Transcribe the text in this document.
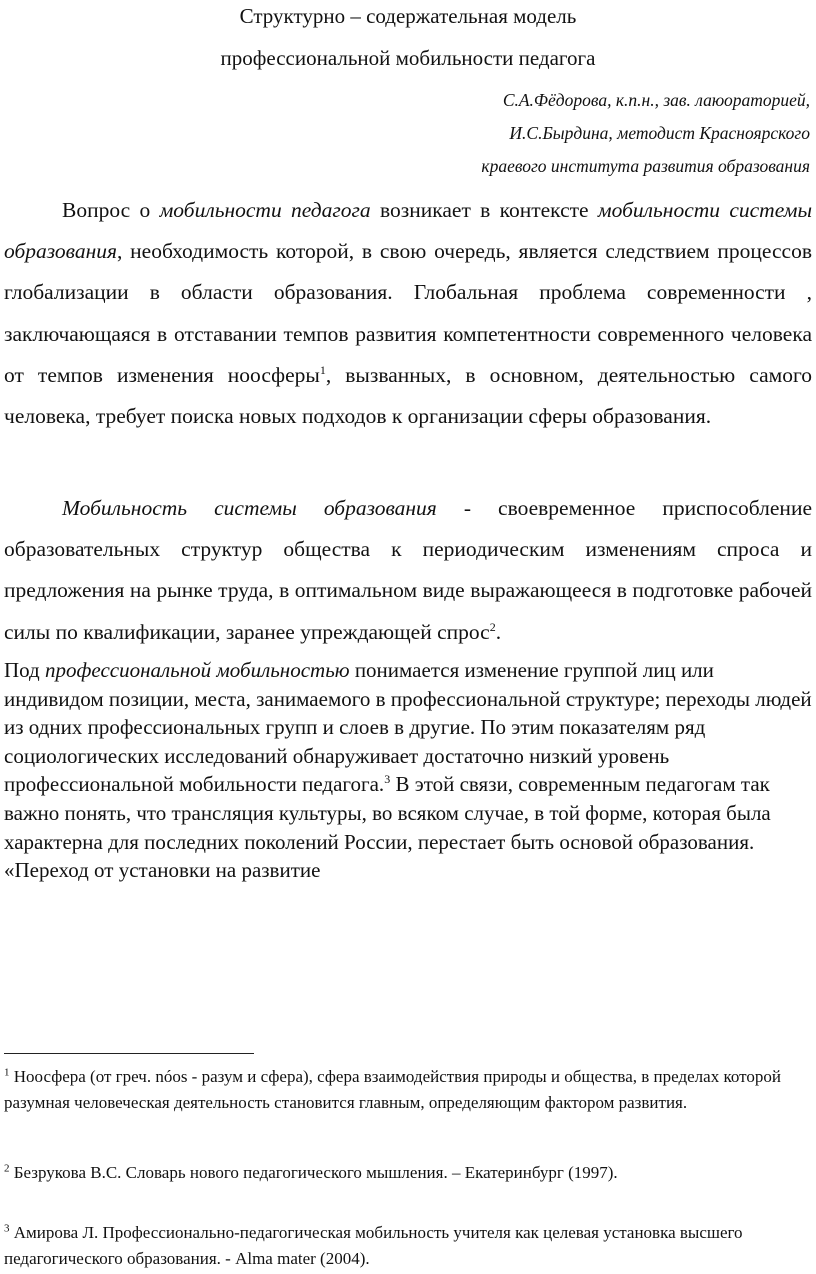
Структурно – содержательная модель
профессиональной мобильности педагога
С.А.Фёдорова, к.п.н., зав. лаюораторией,
И.С.Быpдина, методист Красноярского
краевого института развития образования

Вопрос о мобильности педагога возникает в контексте мобильности системы образования, необходимость которой, в свою очередь, является следствием процессов глобализации в области образования. Глобальная проблема современности , заключающаяся в отставании темпов развития компетентности современного человека от темпов изменения ноосферы$^1$, вызванных, в основном, деятельностью самого человека, требует поиска новых подходов к организации сферы образования.

Мобильность системы образования - своевременное приспособление образовательных структур общества к периодическим изменениям спроса и предложения на рынке труда, в оптимальном виде выражающееся в подготовке рабочей силы по квалификации, заранее упреждающей спрос$^2$.

Под профессиональной мобильностью понимается изменение группой лиц или индивидом позиции, места, занимаемого в профессиональной структуре; переходы людей из одних профессиональных групп и слоев в другие. По этим показателям ряд социологических исследований обнаруживает достаточно низкий уровень профессиональной мобильности педагога.$^3$ В этой связи, современным педагогам так важно понять, что трансляция культуры, во всяком случае, в той форме, которая была характерна для последних поколений России, перестает быть основой образования. «Переход от установки на развитие

$^1$ Ноосфера (от греч. nóos - разум и сфера), сфера взаимодействия природы и общества, в пределах которой разумная человеческая деятельность становится главным, определяющим фактором развития.

$^2$ Безрукова В.С. Словарь нового педагогического мышления. – Екатеринбург (1997).

$^3$ Амирова Л. Профессионально-педагогическая мобильность учителя как целевая установка высшего педагогического образования. - Alma mater (2004).
